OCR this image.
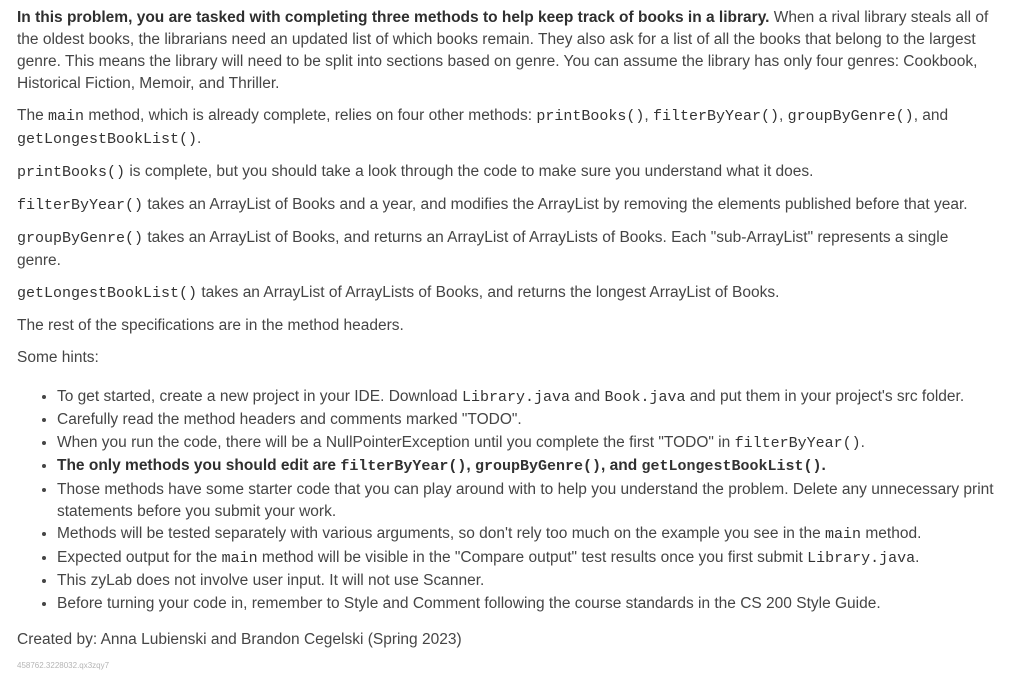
In this problem, you are tasked with completing three methods to help keep track of books in a library. When a rival library steals all of the oldest books, the librarians need an updated list of which books remain. They also ask for a list of all the books that belong to the largest genre. This means the library will need to be split into sections based on genre. You can assume the library has only four genres: Cookbook, Historical Fiction, Memoir, and Thriller.

The main method, which is already complete, relies on four other methods: printBooks(), filterByYear(), groupByGenre(), and getLongestBookList().

printBooks() is complete, but you should take a look through the code to make sure you understand what it does.

filterByYear() takes an ArrayList of Books and a year, and modifies the ArrayList by removing the elements published before that year.

groupByGenre() takes an ArrayList of Books, and returns an ArrayList of ArrayLists of Books. Each "sub-ArrayList" represents a single genre.

getLongestBookList() takes an ArrayList of ArrayLists of Books, and returns the longest ArrayList of Books.

The rest of the specifications are in the method headers.

Some hints:

• To get started, create a new project in your IDE. Download Library.java and Book.java and put them in your project's src folder.
• Carefully read the method headers and comments marked "TODO".
• When you run the code, there will be a NullPointerException until you complete the first "TODO" in filterByYear().
• The only methods you should edit are filterByYear(), groupByGenre(), and getLongestBookList().
• Those methods have some starter code that you can play around with to help you understand the problem. Delete any unnecessary print statements before you submit your work.
• Methods will be tested separately with various arguments, so don't rely too much on the example you see in the main method.
• Expected output for the main method will be visible in the "Compare output" test results once you first submit Library.java.
• This zyLab does not involve user input. It will not use Scanner.
• Before turning your code in, remember to Style and Comment following the course standards in the CS 200 Style Guide.

Created by: Anna Lubienski and Brandon Cegelski (Spring 2023)

458762.3228032.qx3zqy7
